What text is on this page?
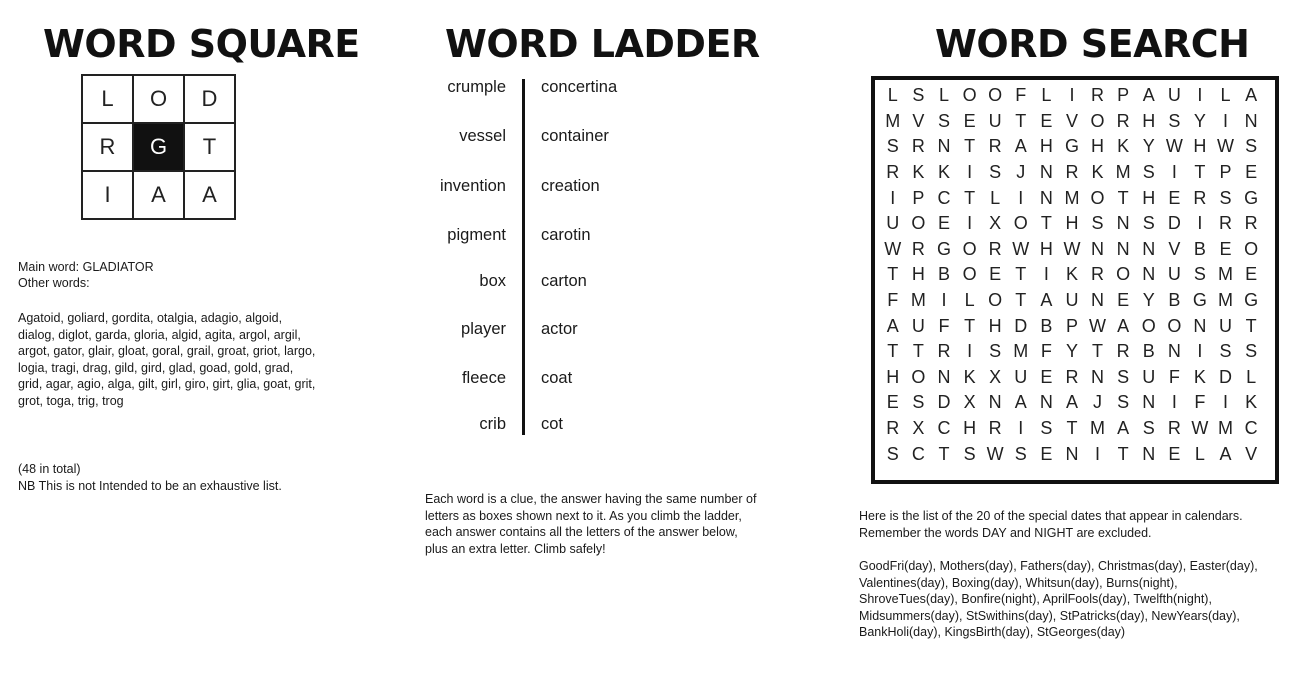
WORD SQUARE
L	O	D
R	G	T
I	A	A
Main word: GLADIATOR
Other words:
Agatoid, goliard, gordita, otalgia, adagio, algoid, dialog, diglot, garda, gloria, algid, agita, argol, argil, argot, gator, glair, gloat, goral, grail, groat, griot, largo, logia, tragi, drag, gild, gird, glad, goad, gold, grad, grid, agar, agio, alga, gilt, girl, giro, girt, glia, goat, grit, grot, toga, trig, trog
(48 in total)
NB This is not Intended to be an exhaustive list.
WORD LADDER
crumple concertina
vessel container
invention creation
pigment carotin
box carton
player actor
fleece coat
crib cot
Each word is a clue, the answer having the same number of letters as boxes shown next to it. As you climb the ladder, each answer contains all the letters of the answer below, plus an extra letter. Climb safely!
WORD SEARCH
L S L O O F L	I R P A U I	L A
M V S E U T E V O R H S Y I N
S R N T R A H G H K Y W H W S
R K K I S J N R K M S I T P E
I P C T L	I N M O T H E R S G
U O E I X O T H S N S D I R R
W R G O R W H W N N N V B E O
T H B O E T I K R O N U S M E
F M I	L O T A U N E Y B G M G
A U F T H D B P W A O O N U T
T T R I S M F Y T R B N I S S
H O N K X U E R N S U F K D L
E S D X N A N A J S N I F I K
R X C H R I S T M A S R W M C
S C T S W S E N I T N E L A V
Here is the list of the 20 of the special dates that appear in calendars. Remember the words DAY and NIGHT are excluded.
GoodFri(day), Mothers(day), Fathers(day), Christmas(day), Easter(day), Valentines(day), Boxing(day), Whitsun(day), Burns(night), ShroveTues(day), Bonfire(night), AprilFools(day), Twelfth(night), Midsummers(day), StSwithins(day), StPatricks(day), NewYears(day), BankHoli(day), KingsBirth(day), StGeorges(day)
